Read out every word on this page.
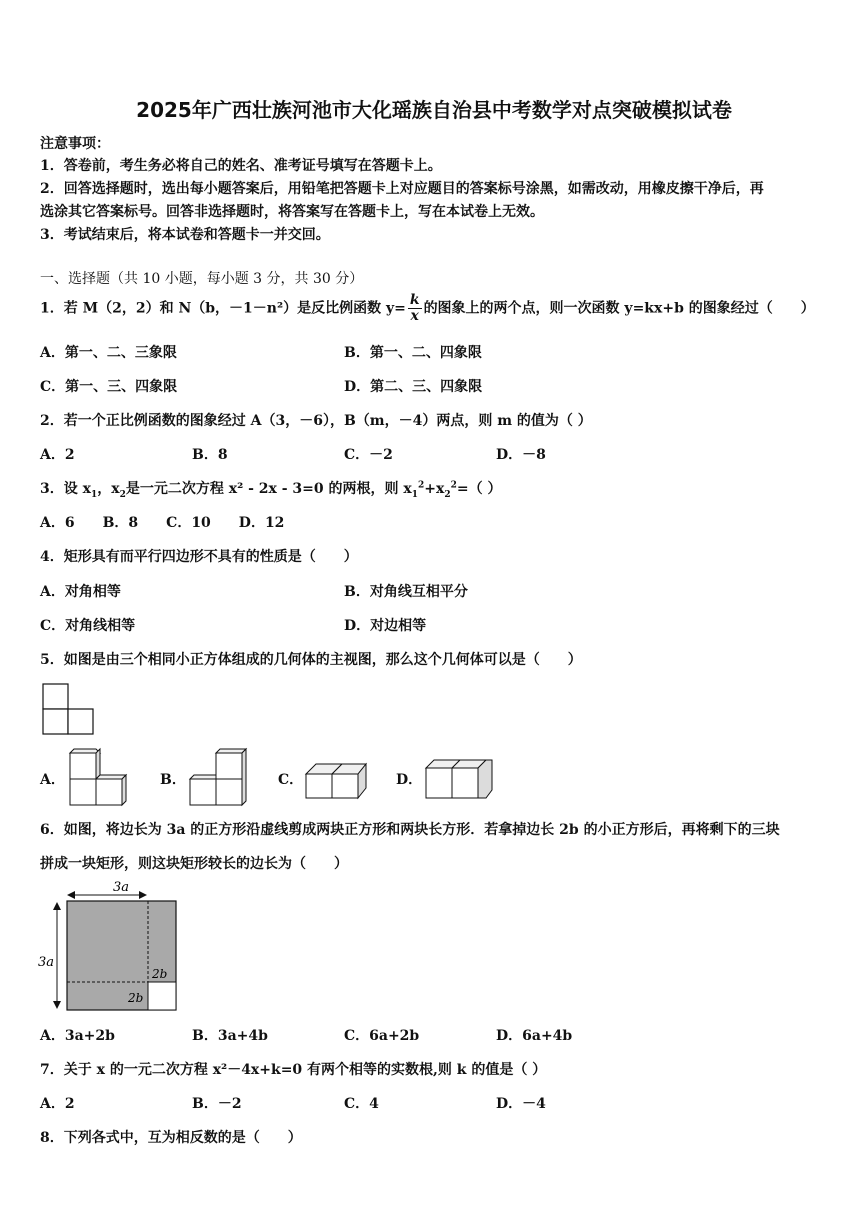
2025年广西壮族河池市大化瑶族自治县中考数学对点突破模拟试卷
注意事项：
1．答卷前，考生务必将自己的姓名、准考证号填写在答题卡上。
2．回答选择题时，选出每小题答案后，用铅笔把答题卡上对应题目的答案标号涂黑，如需改动，用橡皮擦干净后，再
选涂其它答案标号。回答非选择题时，将答案写在答题卡上，写在本试卷上无效。
3．考试结束后，将本试卷和答题卡一并交回。
一、选择题（共 10 小题，每小题 3 分，共 30 分）
1．若 M（2，2）和 N（b，－1－n²）是反比例函数 $y= \frac{k}{x}$ 的图象上的两个点，则一次函数 y=kx+b 的图象经过（　　）
A．第一、二、三象限	B．第一、二、四象限
C．第一、三、四象限	D．第二、三、四象限
2．若一个正比例函数的图象经过 A（3，－6），B（m，－4）两点，则 m 的值为（ ）
A．2	B．8	C．－2	D．－8
3．设 $x_1$，$x_2$是一元二次方程 x² - 2x - 3=0 的两根，则 $x_1^2+x_2^2=$（ ）
A．6　　B．8　　C．10　　D．12
4．矩形具有而平行四边形不具有的性质是（　　）
A．对角相等	B．对角线互相平分
C．对角线相等	D．对边相等
5．如图是由三个相同小正方体组成的几何体的主视图，那么这个几何体可以是（　　）
A．	B．	C．	D．
6．如图，将边长为 3a 的正方形沿虚线剪成两块正方形和两块长方形．若拿掉边长 2b 的小正方形后，再将剩下的三块
拼成一块矩形，则这块矩形较长的边长为（　　）
3a
3a
2b
2b
A．3a+2b	B．3a+4b	C．6a+2b	D．6a+4b
7．关于 x 的一元二次方程 x²－4x+k=0 有两个相等的实数根,则 k 的值是（ ）
A．2	B．－2	C．4	D．－4
8．下列各式中，互为相反数的是（　　）
